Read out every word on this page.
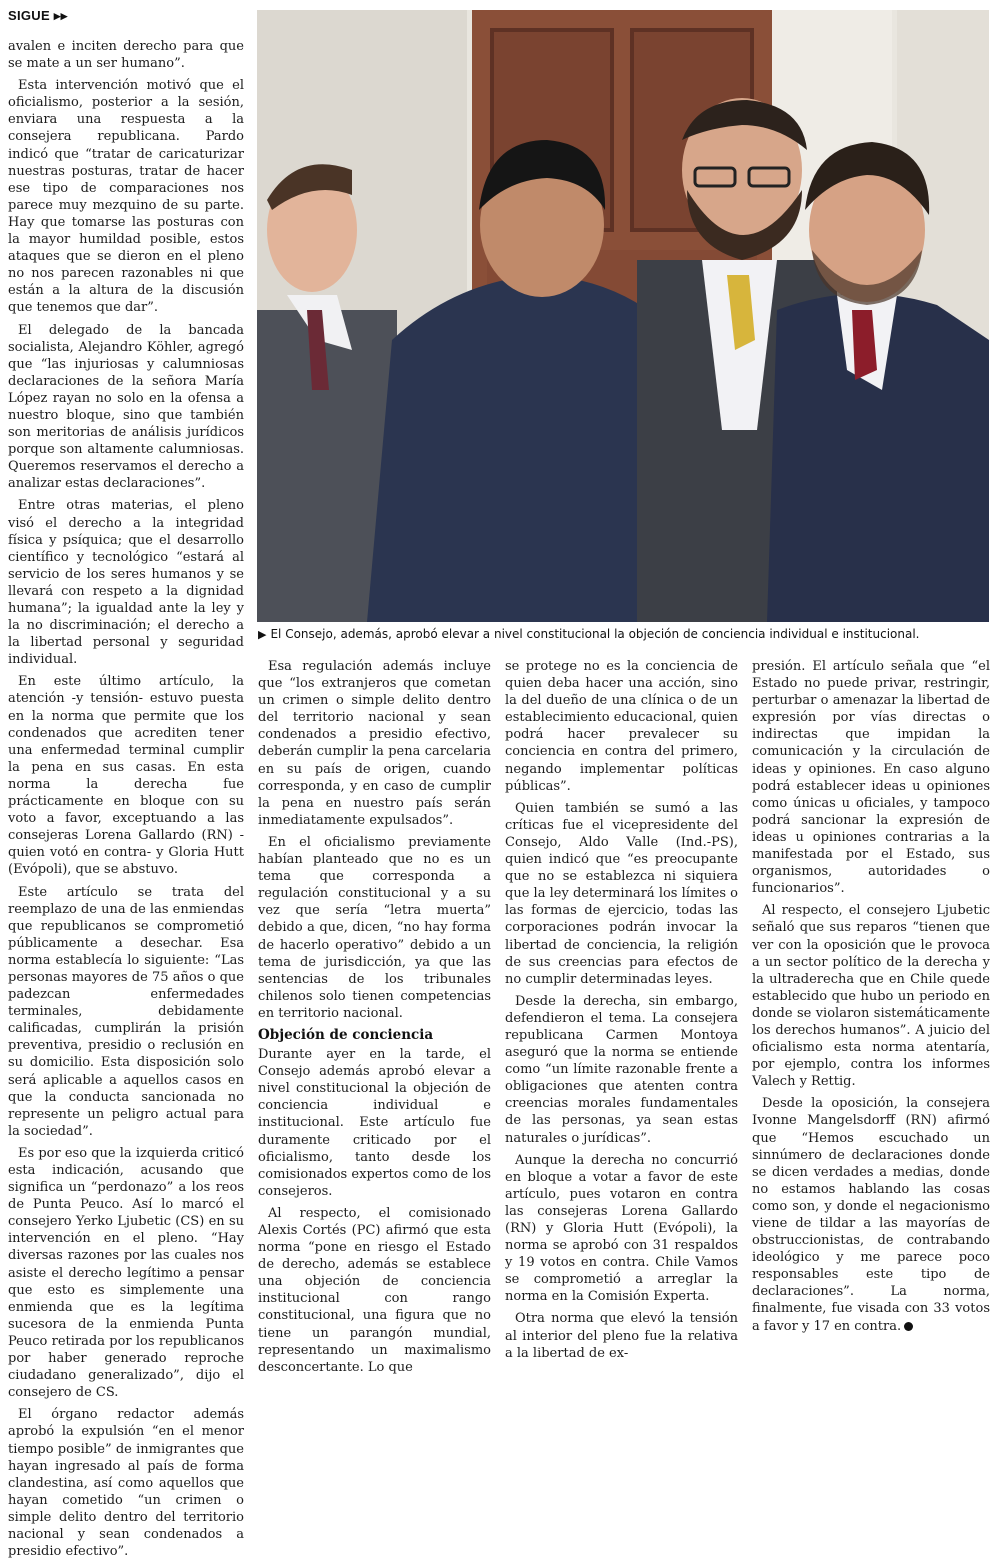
SIGUE ▸▸

avalen e inciten derecho para que se mate a un ser humano”.

Esta intervención motivó que el oficialismo, posterior a la sesión, enviara una respuesta a la consejera republicana. Pardo indicó que “tratar de caricaturizar nuestras posturas, tratar de hacer ese tipo de comparaciones nos parece muy mezquino de su parte. Hay que tomarse las posturas con la mayor humildad posible, estos ataques que se dieron en el pleno no nos parecen razonables ni que están a la altura de la discusión que tenemos que dar”.

El delegado de la bancada socialista, Alejandro Köhler, agregó que “las injuriosas y calumniosas declaraciones de la señora María López rayan no solo en la ofensa a nuestro bloque, sino que también son meritorias de análisis jurídicos porque son altamente calumniosas. Queremos reservamos el derecho a analizar estas declaraciones”.

Entre otras materias, el pleno visó el derecho a la integridad física y psíquica; que el desarrollo científico y tecnológico “estará al servicio de los seres humanos y se llevará con respeto a la dignidad humana”; la igualdad ante la ley y la no discriminación; el derecho a la libertad personal y seguridad individual.

En este último artículo, la atención -y tensión- estuvo puesta en la norma que permite que los condenados que acrediten tener una enfermedad terminal cumplir la pena en sus casas. En esta norma la derecha fue prácticamente en bloque con su voto a favor, exceptuando a las consejeras Lorena Gallardo (RN) -quien votó en contra- y Gloria Hutt (Evópoli), que se abstuvo.

Este artículo se trata del reemplazo de una de las enmiendas que republicanos se comprometió públicamente a desechar. Esa norma establecía lo siguiente: “Las personas mayores de 75 años o que padezcan enfermedades terminales, debidamente calificadas, cumplirán la prisión preventiva, presidio o reclusión en su domicilio. Esta disposición solo será aplicable a aquellos casos en que la conducta sancionada no represente un peligro actual para la sociedad”.

Es por eso que la izquierda criticó esta indicación, acusando que significa un “perdonazo” a los reos de Punta Peuco. Así lo marcó el consejero Yerko Ljubetic (CS) en su intervención en el pleno. “Hay diversas razones por las cuales nos asiste el derecho legítimo a pensar que esto es simplemente una enmienda que es la legítima sucesora de la enmienda Punta Peuco retirada por los republicanos por haber generado reproche ciudadano generalizado”, dijo el consejero de CS.

El órgano redactor además aprobó la expulsión “en el menor tiempo posible” de inmigrantes que hayan ingresado al país de forma clandestina, así como aquellos que hayan cometido “un crimen o simple delito dentro del territorio nacional y sean condenados a presidio efectivo”.

▶ El Consejo, además, aprobó elevar a nivel constitucional la objeción de conciencia individual e institucional.

Esa regulación además incluye que “los extranjeros que cometan un crimen o simple delito dentro del territorio nacional y sean condenados a presidio efectivo, deberán cumplir la pena carcelaria en su país de origen, cuando corresponda, y en caso de cumplir la pena en nuestro país serán inmediatamente expulsados”.

En el oficialismo previamente habían planteado que no es un tema que corresponda a regulación constitucional y a su vez que sería “letra muerta” debido a que, dicen, “no hay forma de hacerlo operativo” debido a un tema de jurisdicción, ya que las sentencias de los tribunales chilenos solo tienen competencias en territorio nacional.

Objeción de conciencia

Durante ayer en la tarde, el Consejo además aprobó elevar a nivel constitucional la objeción de conciencia individual e institucional. Este artículo fue duramente criticado por el oficialismo, tanto desde los comisionados expertos como de los consejeros.

Al respecto, el comisionado Alexis Cortés (PC) afirmó que esta norma “pone en riesgo el Estado de derecho, además se establece una objeción de conciencia institucional con rango constitucional, una figura que no tiene un parangón mundial, representando un maximalismo desconcertante. Lo que

se protege no es la conciencia de quien deba hacer una acción, sino la del dueño de una clínica o de un establecimiento educacional, quien podrá hacer prevalecer su conciencia en contra del primero, negando implementar políticas públicas”.

Quien también se sumó a las críticas fue el vicepresidente del Consejo, Aldo Valle (Ind.-PS), quien indicó que “es preocupante que no se establezca ni siquiera que la ley determinará los límites o las formas de ejercicio, todas las corporaciones podrán invocar la libertad de conciencia, la religión de sus creencias para efectos de no cumplir determinadas leyes.

Desde la derecha, sin embargo, defendieron el tema. La consejera republicana Carmen Montoya aseguró que la norma se entiende como “un límite razonable frente a obligaciones que atenten contra creencias morales fundamentales de las personas, ya sean estas naturales o jurídicas”.

Aunque la derecha no concurrió en bloque a votar a favor de este artículo, pues votaron en contra las consejeras Lorena Gallardo (RN) y Gloria Hutt (Evópoli), la norma se aprobó con 31 respaldos y 19 votos en contra. Chile Vamos se comprometió a arreglar la norma en la Comisión Experta.

Otra norma que elevó la tensión al interior del pleno fue la relativa a la libertad de ex-

presión. El artículo señala que “el Estado no puede privar, restringir, perturbar o amenazar la libertad de expresión por vías directas o indirectas que impidan la comunicación y la circulación de ideas y opiniones. En caso alguno podrá establecer ideas u opiniones como únicas u oficiales, y tampoco podrá sancionar la expresión de ideas u opiniones contrarias a la manifestada por el Estado, sus organismos, autoridades o funcionarios”.

Al respecto, el consejero Ljubetic señaló que sus reparos “tienen que ver con la oposición que le provoca a un sector político de la derecha y la ultraderecha que en Chile quede establecido que hubo un periodo en donde se violaron sistemáticamente los derechos humanos”. A juicio del oficialismo esta norma atentaría, por ejemplo, contra los informes Valech y Rettig.

Desde la oposición, la consejera Ivonne Mangelsdorff (RN) afirmó que “Hemos escuchado un sinnúmero de declaraciones donde se dicen verdades a medias, donde no estamos hablando las cosas como son, y donde el negacionismo viene de tildar a las mayorías de obstruccionistas, de contrabando ideológico y me parece poco responsables este tipo de declaraciones”. La norma, finalmente, fue visada con 33 votos a favor y 17 en contra.
